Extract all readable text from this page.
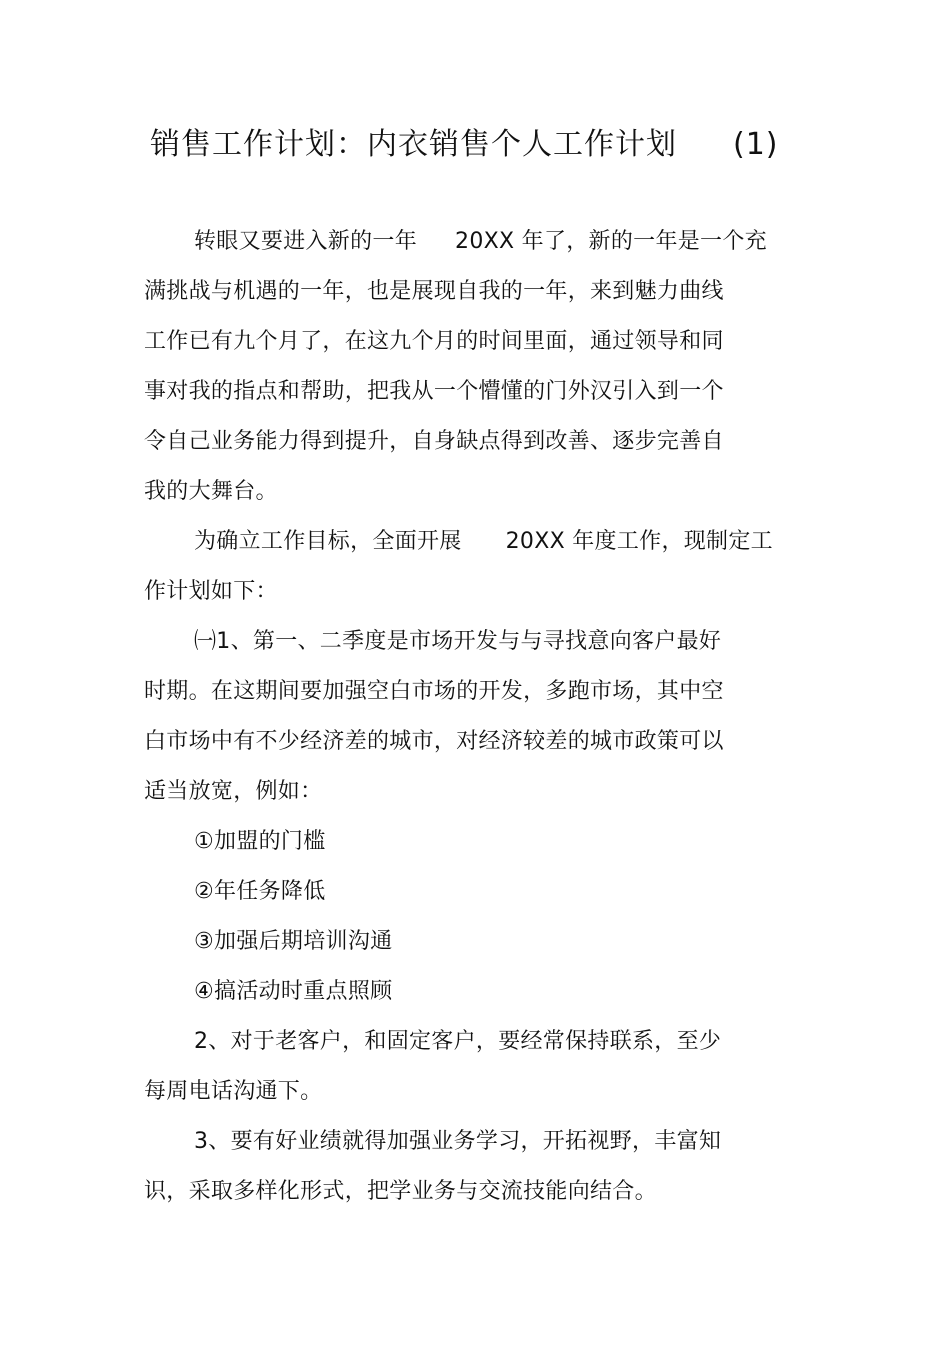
销售工作计划：内衣销售个人工作计划 (1)
转眼又要进入新的一年 20XX 年了，新的一年是一个充
满挑战与机遇的一年，也是展现自我的一年，来到魅力曲线
工作已有九个月了，在这九个月的时间里面，通过领导和同
事对我的指点和帮助，把我从一个懵懂的门外汉引入到一个
令自己业务能力得到提升，自身缺点得到改善、逐步完善自
我的大舞台。
为确立工作目标，全面开展 20XX 年度工作，现制定工
作计划如下：
㈠1、第一、二季度是市场开发与与寻找意向客户最好
时期。在这期间要加强空白市场的开发，多跑市场，其中空
白市场中有不少经济差的城市，对经济较差的城市政策可以
适当放宽，例如：
①加盟的门槛
②年任务降低
③加强后期培训沟通
④搞活动时重点照顾
2、对于老客户，和固定客户，要经常保持联系，至少
每周电话沟通下。
3、要有好业绩就得加强业务学习，开拓视野，丰富知
识，采取多样化形式，把学业务与交流技能向结合。
